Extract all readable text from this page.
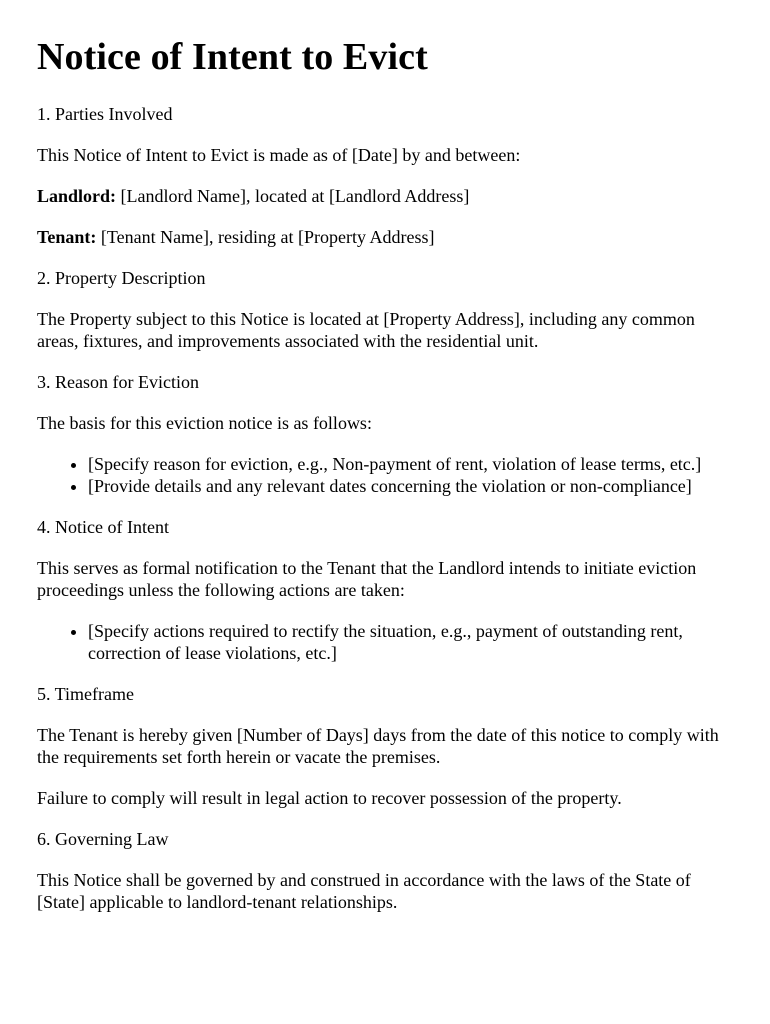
Notice of Intent to Evict

1. Parties Involved

This Notice of Intent to Evict is made as of [Date] by and between:

Landlord: [Landlord Name], located at [Landlord Address]

Tenant: [Tenant Name], residing at [Property Address]

2. Property Description

The Property subject to this Notice is located at [Property Address], including any common areas, fixtures, and improvements associated with the residential unit.

3. Reason for Eviction

The basis for this eviction notice is as follows:

• [Specify reason for eviction, e.g., Non-payment of rent, violation of lease terms, etc.]
• [Provide details and any relevant dates concerning the violation or non-compliance]

4. Notice of Intent

This serves as formal notification to the Tenant that the Landlord intends to initiate eviction proceedings unless the following actions are taken:

• [Specify actions required to rectify the situation, e.g., payment of outstanding rent, correction of lease violations, etc.]

5. Timeframe

The Tenant is hereby given [Number of Days] days from the date of this notice to comply with the requirements set forth herein or vacate the premises.

Failure to comply will result in legal action to recover possession of the property.

6. Governing Law

This Notice shall be governed by and construed in accordance with the laws of the State of [State] applicable to landlord-tenant relationships.
